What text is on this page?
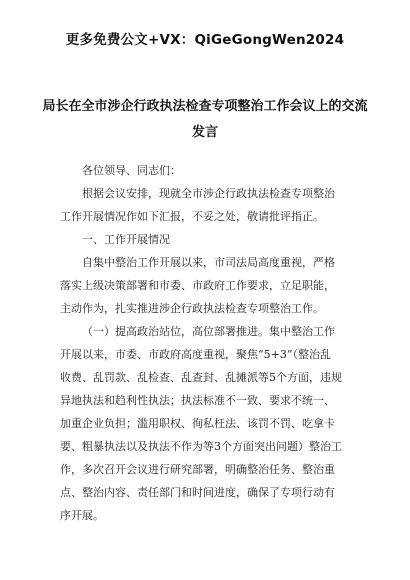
更多免费公文+VX：QiGeGongWen2024
局长在全市涉企行政执法检查专项整治工作会议上的交流
发言
各位领导、同志们：
根据会议安排，现就全市涉企行政执法检查专项整治
工作开展情况作如下汇报，不妥之处，敬请批评指正。
一、工作开展情况
自集中整治工作开展以来，市司法局高度重视，严格
落实上级决策部署和市委、市政府工作要求，立足职能，
主动作为，扎实推进涉企行政执法检查专项整治工作。
（一）提高政治站位，高位部署推进。集中整治工作
开展以来，市委、市政府高度重视，聚焦“5+3”（整治乱
收费、乱罚款、乱检查、乱查封、乱摊派等5个方面，违规
异地执法和趋利性执法；执法标准不一致、要求不统一、
加重企业负担；滥用职权、徇私枉法、该罚不罚、吃拿卡
要、粗暴执法以及执法不作为等3个方面突出问题）整治工
作，多次召开会议进行研究部署，明确整治任务、整治重
点、整治内容、责任部门和时间进度，确保了专项行动有
序开展。
